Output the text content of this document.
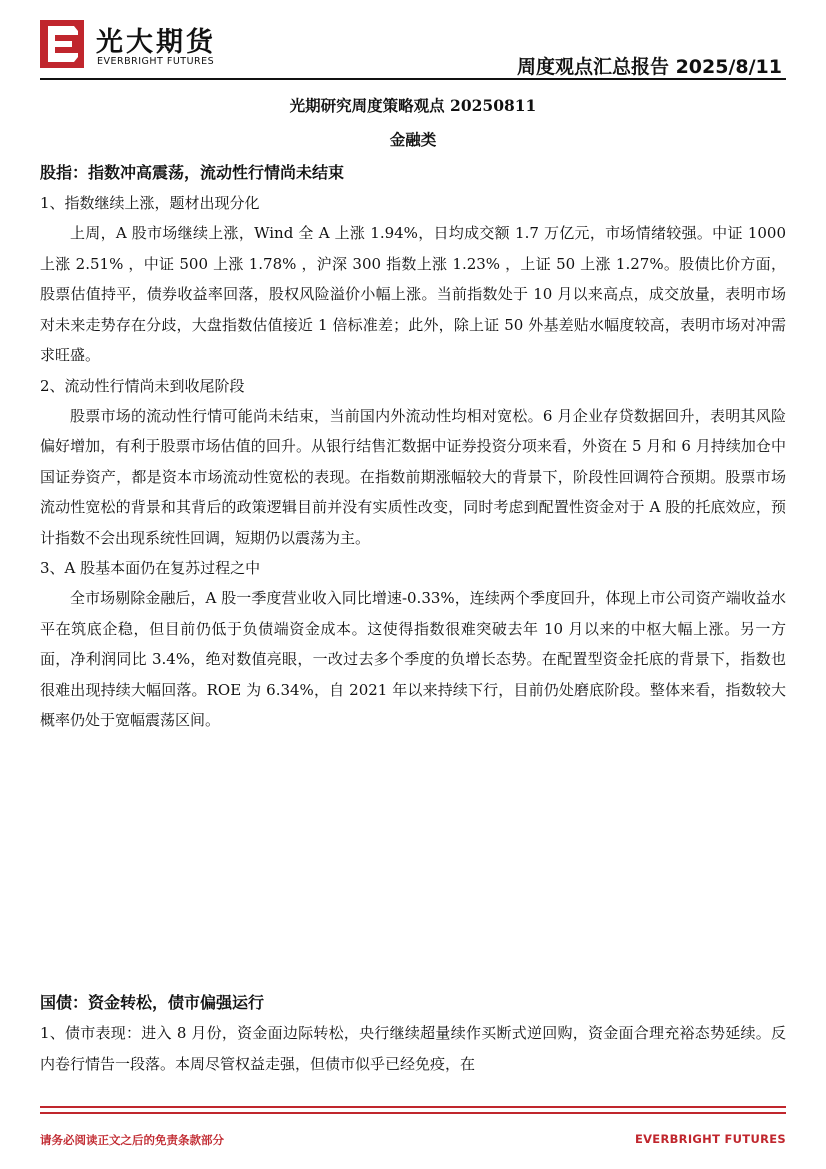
光大期货
EVERBRIGHT FUTURES	周度观点汇总报告 2025/8/11
光期研究周度策略观点 20250811
金融类

股指：指数冲高震荡，流动性行情尚未结束

1、指数继续上涨，题材出现分化

上周，A 股市场继续上涨，Wind 全 A 上涨 1.94%，日均成交额 1.7 万亿元，市场情绪较强。中证 1000 上涨 2.51% ，中证 500 上涨 1.78% ，沪深 300 指数上涨 1.23% ，上证 50 上涨 1.27%。股债比价方面，股票估值持平，债券收益率回落，股权风险溢价小幅上涨。当前指数处于 10 月以来高点，成交放量，表明市场对未来走势存在分歧，大盘指数估值接近 1 倍标准差；此外，除上证 50 外基差贴水幅度较高，表明市场对冲需求旺盛。

2、流动性行情尚未到收尾阶段

股票市场的流动性行情可能尚未结束，当前国内外流动性均相对宽松。6 月企业存贷数据回升，表明其风险偏好增加，有利于股票市场估值的回升。从银行结售汇数据中证券投资分项来看，外资在 5 月和 6 月持续加仓中国证券资产，都是资本市场流动性宽松的表现。在指数前期涨幅较大的背景下，阶段性回调符合预期。股票市场流动性宽松的背景和其背后的政策逻辑目前并没有实质性改变，同时考虑到配置性资金对于 A 股的托底效应，预计指数不会出现系统性回调，短期仍以震荡为主。

3、A 股基本面仍在复苏过程之中

全市场剔除金融后，A 股一季度营业收入同比增速-0.33%，连续两个季度回升，体现上市公司资产端收益水平在筑底企稳，但目前仍低于负债端资金成本。这使得指数很难突破去年 10 月以来的中枢大幅上涨。另一方面，净利润同比 3.4%，绝对数值亮眼，一改过去多个季度的负增长态势。在配置型资金托底的背景下，指数也很难出现持续大幅回落。ROE 为 6.34%，自 2021 年以来持续下行，目前仍处磨底阶段。整体来看，指数较大概率仍处于宽幅震荡区间。

国债：资金转松，债市偏强运行

1、债市表现：进入 8 月份，资金面边际转松，央行继续超量续作买断式逆回购，资金面合理充裕态势延续。反内卷行情告一段落。本周尽管权益走强，但债市似乎已经免疫，在

请务必阅读正文之后的免责条款部分	EVERBRIGHT FUTURES
